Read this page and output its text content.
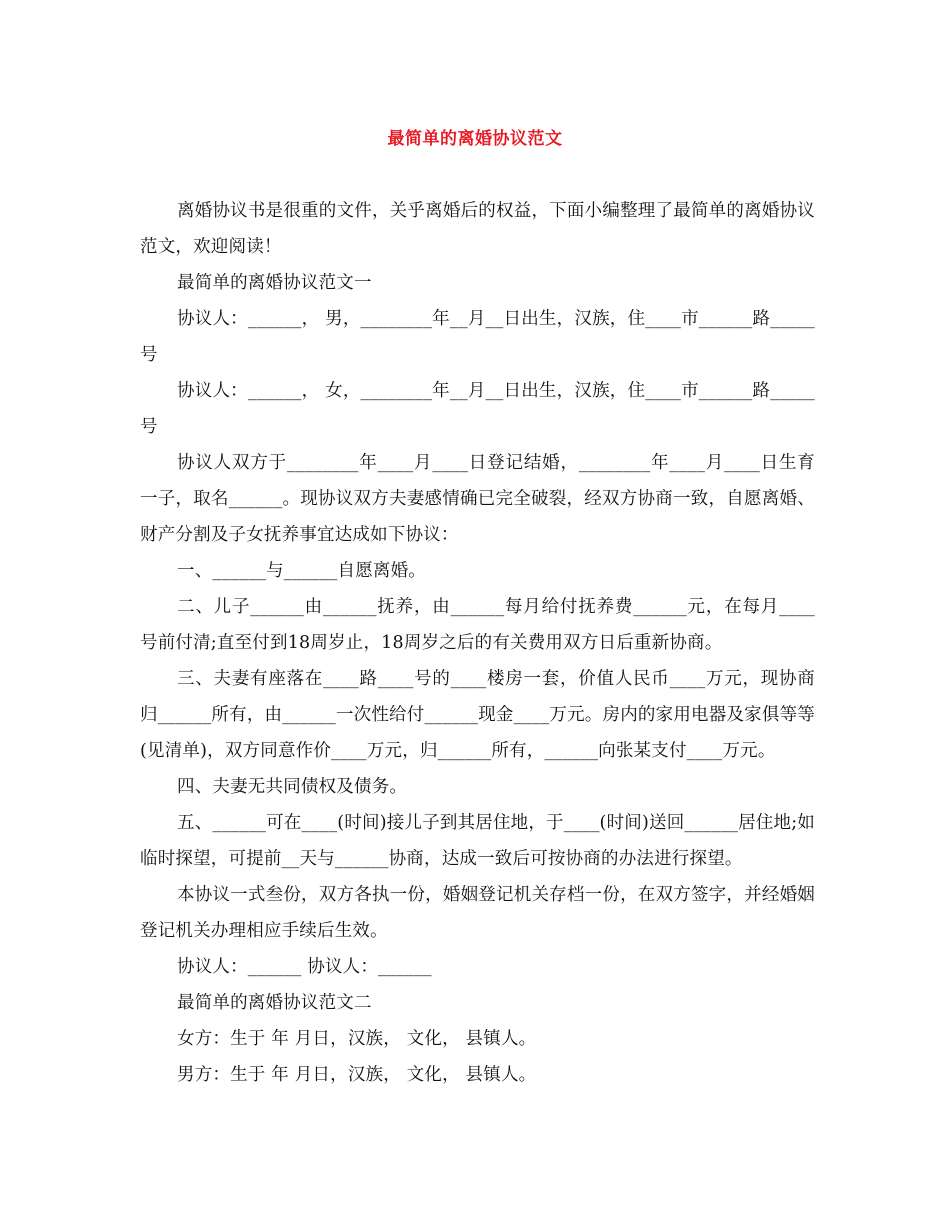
最简单的离婚协议范文

离婚协议书是很重的文件，关乎离婚后的权益，下面小编整理了最简单的离婚协议范文，欢迎阅读！

最简单的离婚协议范文一

协议人：______， 男，________年__月__日出生，汉族，住____市______路_____号

协议人：______， 女，________年__月__日出生，汉族，住____市______路_____号

协议人双方于________年____月____日登记结婚，________年____月____日生育一子，取名______。现协议双方夫妻感情确已完全破裂，经双方协商一致，自愿离婚、财产分割及子女抚养事宜达成如下协议：

一、______与______自愿离婚。

二、儿子______由______抚养，由______每月给付抚养费______元，在每月____号前付清;直至付到18周岁止，18周岁之后的有关费用双方日后重新协商。

三、夫妻有座落在____路____号的____楼房一套，价值人民币____万元，现协商归______所有，由______一次性给付______现金____万元。房内的家用电器及家俱等等(见清单)，双方同意作价____万元，归______所有，______向张某支付____万元。

四、夫妻无共同债权及债务。

五、______可在____(时间)接儿子到其居住地，于____(时间)送回______居住地;如临时探望，可提前__天与______协商，达成一致后可按协商的办法进行探望。

本协议一式叁份，双方各执一份，婚姻登记机关存档一份，在双方签字，并经婚姻登记机关办理相应手续后生效。

协议人：______ 协议人：______

最简单的离婚协议范文二

女方：生于 年 月日，汉族， 文化， 县镇人。

男方：生于 年 月日，汉族， 文化， 县镇人。
